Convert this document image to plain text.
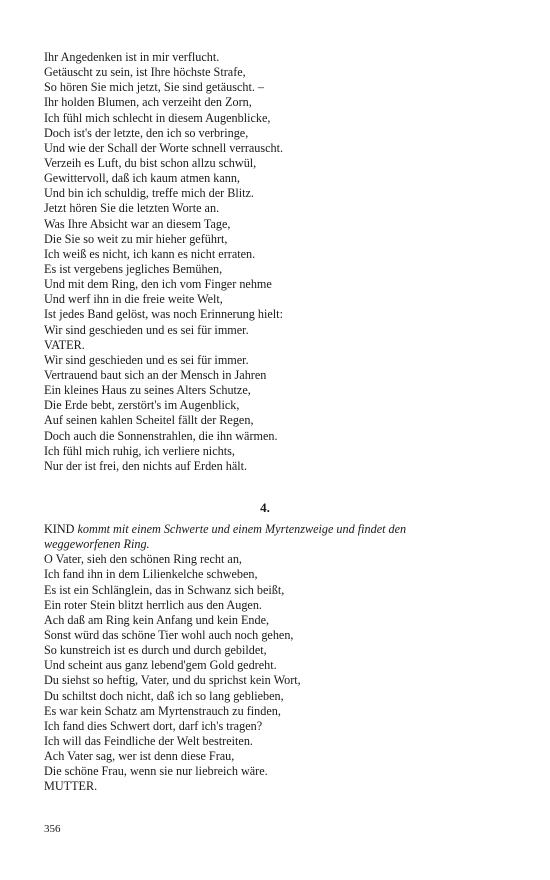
Ihr Angedenken ist in mir verflucht.
Getäuscht zu sein, ist Ihre höchste Strafe,
So hören Sie mich jetzt, Sie sind getäuscht. –
Ihr holden Blumen, ach verzeiht den Zorn,
Ich fühl mich schlecht in diesem Augenblicke,
Doch ist's der letzte, den ich so verbringe,
Und wie der Schall der Worte schnell verrauscht.
Verzeih es Luft, du bist schon allzu schwül,
Gewittervoll, daß ich kaum atmen kann,
Und bin ich schuldig, treffe mich der Blitz.
Jetzt hören Sie die letzten Worte an.
Was Ihre Absicht war an diesem Tage,
Die Sie so weit zu mir hieher geführt,
Ich weiß es nicht, ich kann es nicht erraten.
Es ist vergebens jegliches Bemühen,
Und mit dem Ring, den ich vom Finger nehme
Und werf ihn in die freie weite Welt,
Ist jedes Band gelöst, was noch Erinnerung hielt:
Wir sind geschieden und es sei für immer.
VATER.
Wir sind geschieden und es sei für immer.
Vertrauend baut sich an der Mensch in Jahren
Ein kleines Haus zu seines Alters Schutze,
Die Erde bebt, zerstört's im Augenblick,
Auf seinen kahlen Scheitel fällt der Regen,
Doch auch die Sonnenstrahlen, die ihn wärmen.
Ich fühl mich ruhig, ich verliere nichts,
Nur der ist frei, den nichts auf Erden hält.
4.
KIND kommt mit einem Schwerte und einem Myrtenzweige und findet den weggeworfenen Ring.
O Vater, sieh den schönen Ring recht an,
Ich fand ihn in dem Lilienkelche schweben,
Es ist ein Schlänglein, das in Schwanz sich beißt,
Ein roter Stein blitzt herrlich aus den Augen.
Ach daß am Ring kein Anfang und kein Ende,
Sonst würd das schöne Tier wohl auch noch gehen,
So kunstreich ist es durch und durch gebildet,
Und scheint aus ganz lebend'gem Gold gedreht.
Du siehst so heftig, Vater, und du sprichst kein Wort,
Du schiltst doch nicht, daß ich so lang geblieben,
Es war kein Schatz am Myrtenstrauch zu finden,
Ich fand dies Schwert dort, darf ich's tragen?
Ich will das Feindliche der Welt bestreiten.
Ach Vater sag, wer ist denn diese Frau,
Die schöne Frau, wenn sie nur liebreich wäre.
MUTTER.
356
